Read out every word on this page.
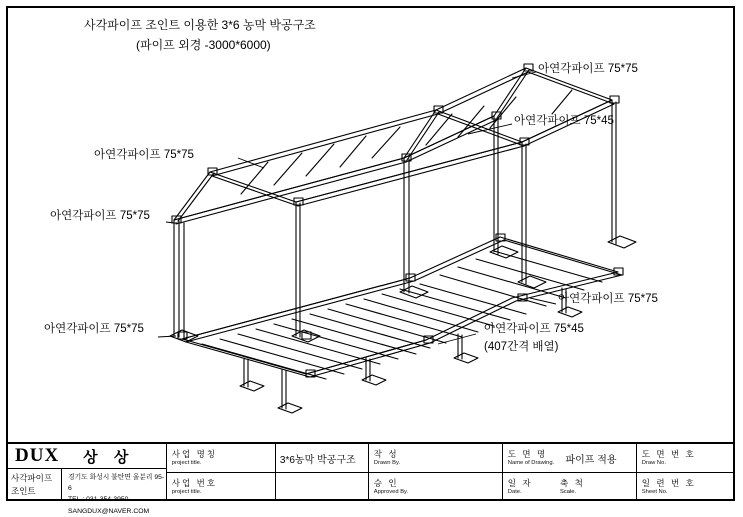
사각파이프 조인트 이용한 3*6 농막 박공구조
(파이프 외경 -3000*6000)
아연각파이프 75*75
아연각파이프 75*45
아연각파이프 75*75
아연각파이프 75*75
아연각파이프 75*75
아연각파이프 75*75
아연각파이프 75*45
(407간격 배열)
DUX	상 상
사각파이프
조인트
경기도 화성시 불탄면 울분리 95-6
TEL.: 031-354-3950
SANGDUX@NAVER.COM
사업 명칭
project title.
사업 번호
project title.
3*6농막 박공구조
작 성
Drawn By.
승 인
Approved By.
도 면 명
Name of Drawing.	파이프 적용
일 자
Date.
도 면 번 호
Draw No.
일 련 번 호
Sheet No.
축 척
Scale.
